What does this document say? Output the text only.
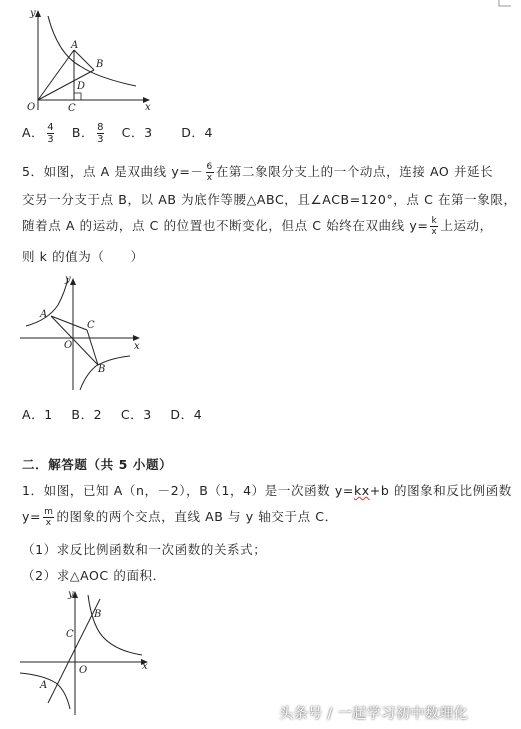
y
A
B
D
O	C	x
A． $\frac{4}{3}$ B． $\frac{8}{3}$ C．3 D．4
5．如图，点 A 是双曲线 $y=- \frac{6}{x}$ 在第二象限分支上的一个动点，连接 AO 并延长
交另一分支于点 B，以 AB 为底作等腰△ABC，且∠ACB=120°，点 C 在第一象限，
随着点 A 的运动，点 C 的位置也不断变化，但点 C 始终在双曲线 $y= \frac{k}{x}$ 上运动，
则 k 的值为（　　）
y
A
C
O	x
B
A．1 B．2 C．3 D．4
二．解答题（共 5 小题）
1．如图，已知 A（n，－2），B（1，4）是一次函数 y=kx+b 的图象和反比例函数
$y= \frac{m}{x}$ 的图象的两个交点，直线 AB 与 y 轴交于点 C．
（1）求反比例函数和一次函数的关系式；
（2）求△AOC 的面积．
y
B
C
O	x
A
头条号 / 一起学习初中数理化
